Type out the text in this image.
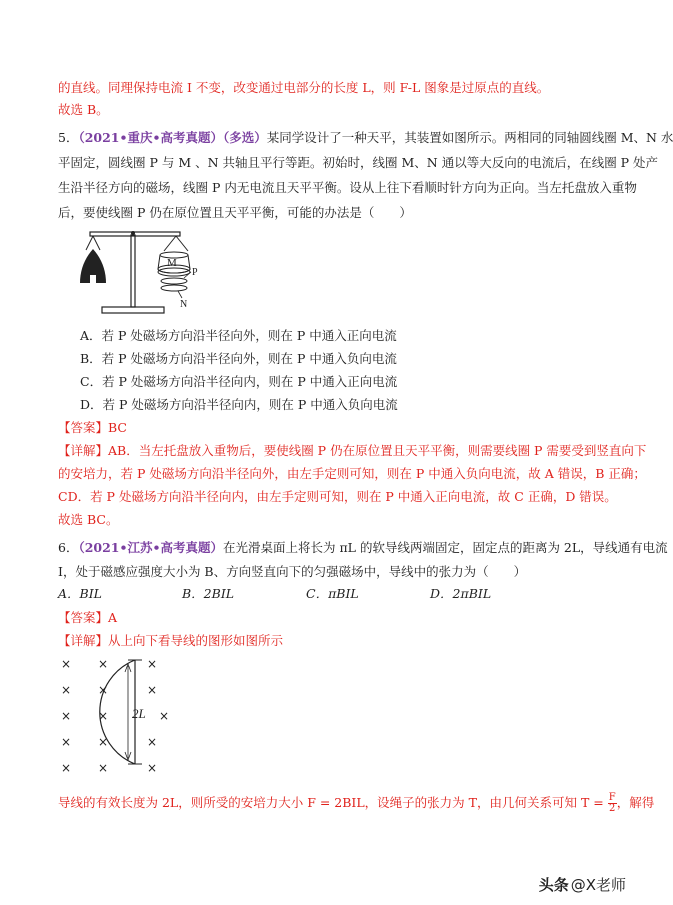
的直线。同理保持电流 I 不变，改变通过电部分的长度 L，则 F-L 图象是过原点的直线。
故选 B。
5．（2021•重庆•高考真题）（多选）某同学设计了一种天平，其装置如图所示。两相同的同轴圆线圈 M、N 水
平固定，圆线圈 P 与 M 、N 共轴且平行等距。初始时，线圈 M、N 通以等大反向的电流后，在线圈 P 处产
生沿半径方向的磁场，线圈 P 内无电流且天平平衡。设从上往下看顺时针方向为正向。当左托盘放入重物
后，要使线圈 P 仍在原位置且天平平衡，可能的办法是（　　）
M
P
N
A．若 P 处磁场方向沿半径向外，则在 P 中通入正向电流
B．若 P 处磁场方向沿半径向外，则在 P 中通入负向电流
C．若 P 处磁场方向沿半径向内，则在 P 中通入正向电流
D．若 P 处磁场方向沿半径向内，则在 P 中通入负向电流
【答案】BC
【详解】AB．当左托盘放入重物后，要使线圈 P 仍在原位置且天平平衡，则需要线圈 P 需要受到竖直向下
的安培力，若 P 处磁场方向沿半径向外，由左手定则可知，则在 P 中通入负向电流，故 A 错误，B 正确；
CD．若 P 处磁场方向沿半径向内，由左手定则可知，则在 P 中通入正向电流，故 C 正确，D 错误。
故选 BC。
6．（2021•江苏•高考真题）在光滑桌面上将长为 πL 的软导线两端固定，固定点的距离为 2L，导线通有电流
I，处于磁感应强度大小为 B、方向竖直向下的匀强磁场中，导线中的张力为（　　）
A．BIL	B．2BIL	C．πBIL	D．2πBIL
【答案】A
【详解】从上向下看导线的图形如图所示
2L
×
×
×
×
×
×
×
×
×
×
×
×
×
×
×
导线的有效长度为 2L，则所受的安培力大小 F = 2BIL，设绳子的张力为 T，由几何关系可知 $T = \frac{F}{2}$ ，解得
头条 @X老师
